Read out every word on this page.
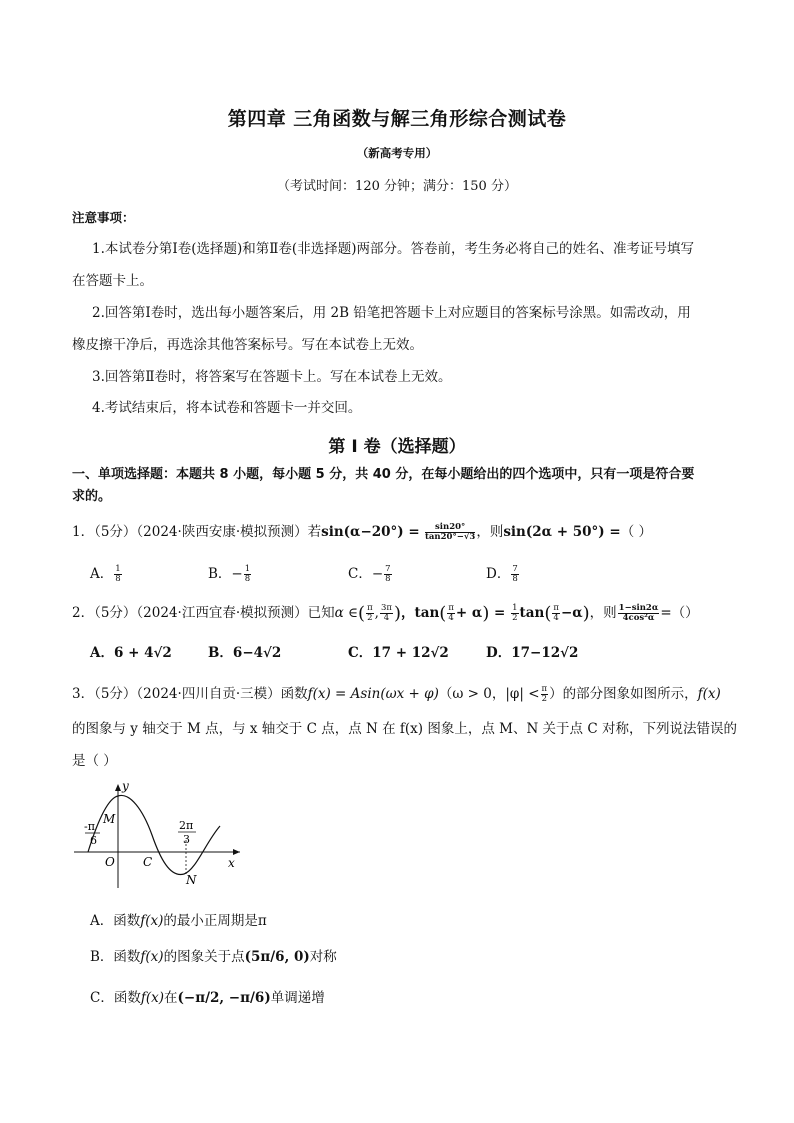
第四章 三角函数与解三角形综合测试卷
（新高考专用）
（考试时间：120 分钟；满分：150 分）
注意事项：
1.本试卷分第Ⅰ卷(选择题)和第Ⅱ卷(非选择题)两部分。答卷前，考生务必将自己的姓名、准考证号填写
在答题卡上。
2.回答第Ⅰ卷时，选出每小题答案后，用 2B 铅笔把答题卡上对应题目的答案标号涂黑。如需改动，用
橡皮擦干净后，再选涂其他答案标号。写在本试卷上无效。
3.回答第Ⅱ卷时，将答案写在答题卡上。写在本试卷上无效。
4.考试结束后，将本试卷和答题卡一并交回。
第 I 卷（选择题）
一、单项选择题：本题共 8 小题，每小题 5 分，共 40 分，在每小题给出的四个选项中，只有一项是符合要
求的。
1．（5分）（2024·陕西安康·模拟预测）若$\sin(\alpha-20^\circ) = \frac{\sin 20^\circ}{\tan 20^\circ-√3}$ ，则sin(2α + 50°) =（ ）
A． $\frac{1}{8}$	B．− $\frac{1}{8}$	C．− $\frac{7}{8}$	D． $\frac{7}{8}$
2．（5分）（2024·江西宜春·模拟预测）已知α ∈( $\frac{\pi}{2}$ , $\frac{3\pi}{4}$ )，$\tan( \frac{\pi}{4} + \alpha) = \frac{1}{2} \tan( \frac{\pi}{4} -\alpha)$，则 $\frac{1-\sin 2\alpha}{\text{4cos²α}}$ =（）
A．6 + 4√2	B．6−4√2	C．17 + 12√2	D．17−12√2
3．（5分）（2024·四川自贡·三模）函数f(x) = Asin(ωx + φ)（ω > 0，$|\varphi| < \frac{\pi}{2}$ ）的部分图象如图所示，f(x)
的图象与 y 轴交于 M 点，与 x 轴交于 C 点，点 N 在 f(x) 图象上，点 M、N 关于点 C 对称，下列说法错误的
是（ ）
y
x
O
M
C
N
-π
6
2π
3
A．函数f(x)的最小正周期是π
B．函数f(x)的图象关于点(5π/6, 0)对称
C．函数f(x)在(−π/2, −π/6)单调递增
